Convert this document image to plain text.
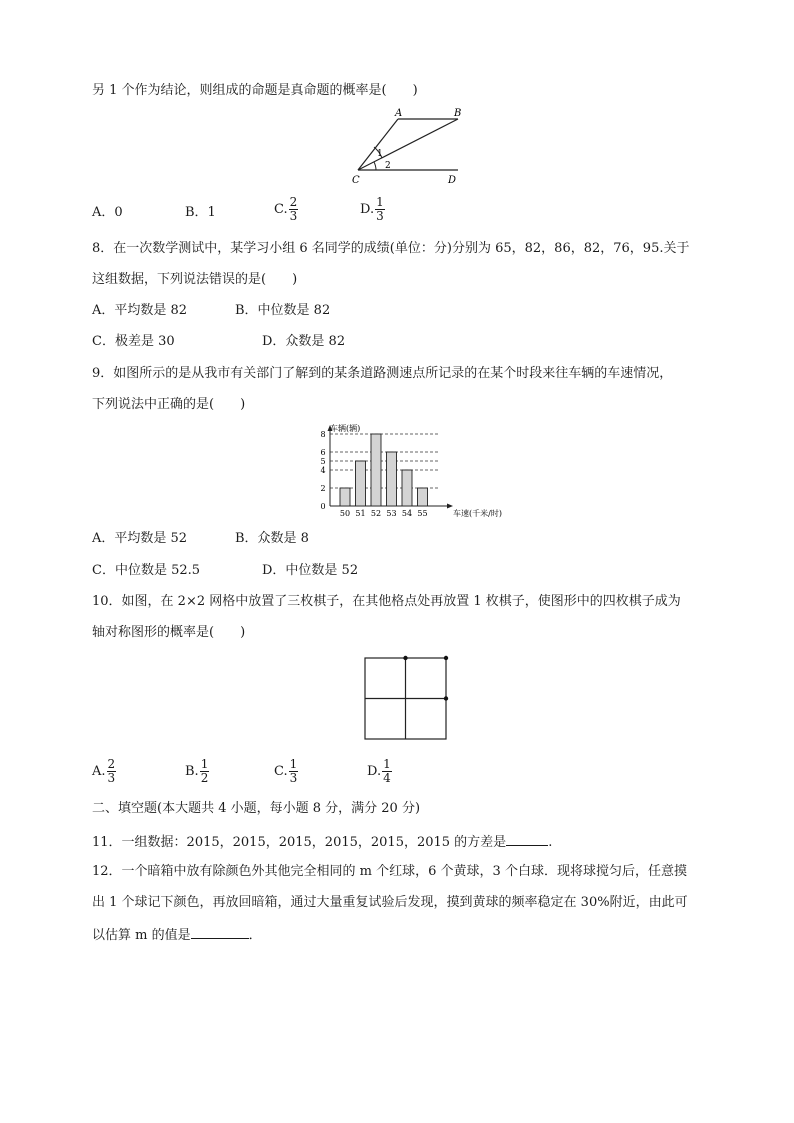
另 1 个作为结论，则组成的命题是真命题的概率是(　　)
A	B
C	D
1
2
A．0	B．1	C. $\frac{2}{3}$	D. $\frac{1}{3}$
8．在一次数学测试中，某学习小组 6 名同学的成绩(单位：分)分别为 65，82，86，82，76，95.关于
这组数据，下列说法错误的是(　　)
A．平均数是 82	B．中位数是 82
C．极差是 30	D．众数是 82
9．如图所示的是从我市有关部门了解到的某条道路测速点所记录的在某个时段来往车辆的车速情况，
下列说法中正确的是(　　)
车辆(辆)
车速(千米/时)
0
2
4
5
6
8
50 51 52 53 54 55
A．平均数是 52	B．众数是 8
C．中位数是 52.5	D．中位数是 52
10．如图，在 2×2 网格中放置了三枚棋子，在其他格点处再放置 1 枚棋子，使图形中的四枚棋子成为
轴对称图形的概率是(　　)
A. $\frac{2}{3}$	B. $\frac{1}{2}$	C. $\frac{1}{3}$	D. $\frac{1}{4}$
二、填空题(本大题共 4 小题，每小题 8 分，满分 20 分)
11．一组数据：2015，2015，2015，2015，2015，2015 的方差是	.
12．一个暗箱中放有除颜色外其他完全相同的 m 个红球，6 个黄球，3 个白球．现将球搅匀后，任意摸
出 1 个球记下颜色，再放回暗箱，通过大量重复试验后发现，摸到黄球的频率稳定在 30%附近，由此可
以估算 m 的值是	．
